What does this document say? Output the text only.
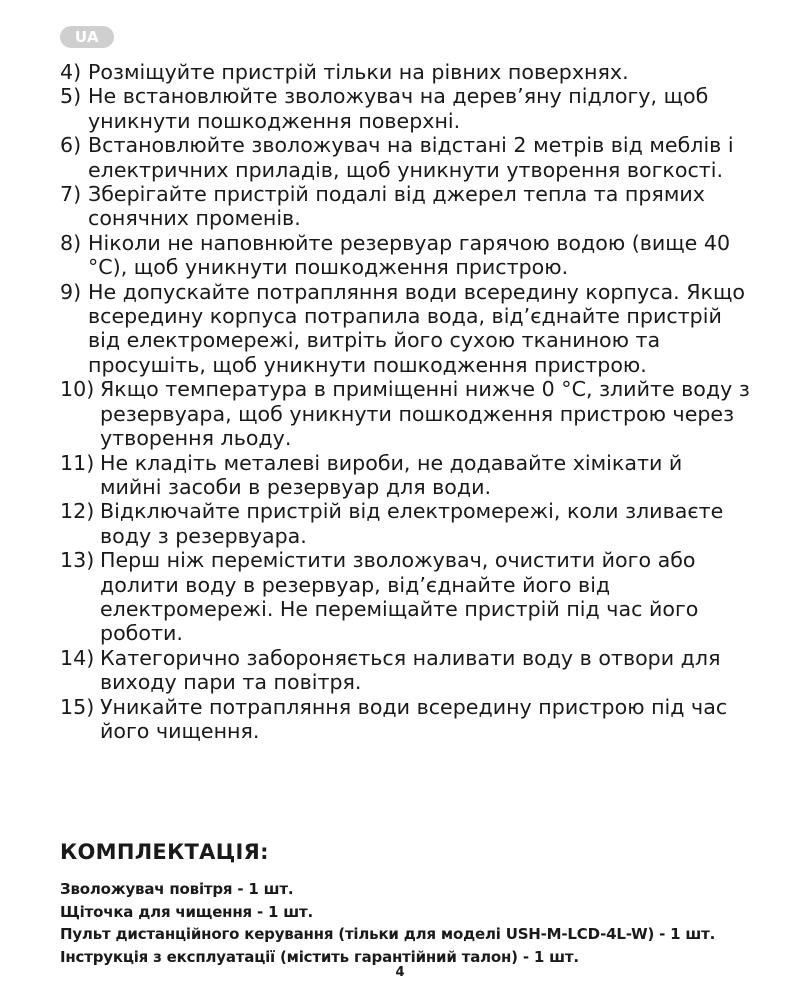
UA
4) Розміщуйте пристрій тільки на рівних поверхнях.
5) Не встановлюйте зволожувач на дерев’яну підлогу, щоб уникнути пошкодження поверхні.
6) Встановлюйте зволожувач на відстані 2 метрів від меблів і електричних приладів, щоб уникнути утворення вогкості.
7) Зберігайте пристрій подалі від джерел тепла та прямих сонячних променів.
8) Ніколи не наповнюйте резервуар гарячою водою (вище 40 °С), щоб уникнути пошкодження пристрою.
9) Не допускайте потрапляння води всередину корпуса. Якщо всередину корпуса потрапила вода, від’єднайте пристрій від електромережі, витріть його сухою тканиною та просушіть, щоб уникнути пошкодження пристрою.
10) Якщо температура в приміщенні нижче 0 °С, злийте воду з резервуара, щоб уникнути пошкодження пристрою через утворення льоду.
11) Не кладіть металеві вироби, не додавайте хімікати й мийні засоби в резервуар для води.
12) Відключайте пристрій від електромережі, коли зливаєте воду з резервуара.
13) Перш ніж перемістити зволожувач, очистити його або долити воду в резервуар, від’єднайте його від електромережі. Не переміщайте пристрій під час його роботи.
14) Категорично забороняється наливати воду в отвори для виходу пари та повітря.
15) Уникайте потрапляння води всередину пристрою під час його чищення.
КОМПЛЕКТАЦІЯ:
Зволожувач повітря - 1 шт.
Щіточка для чищення - 1 шт.
Пульт дистанційного керування (тільки для моделі USH-M-LCD-4L-W) - 1 шт.
Інструкція з експлуатації (містить гарантійний талон) - 1 шт.
4
